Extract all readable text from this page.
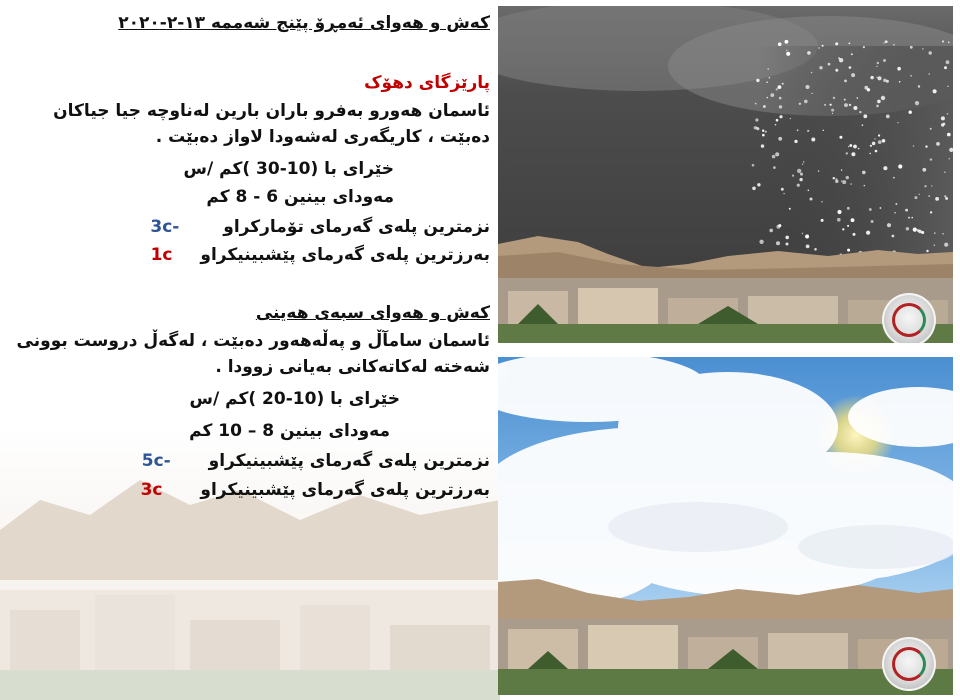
کەش و هەوای ئەمڕۆ پێنج شەممە ١٣-٢-٢٠٢٠
پارێزگای دهۆک
ئاسمان هەورو بەفرو باران بارین لەناوچە جیا جیاکان
دەبێت ، کاریگەری لەشەودا لاواز دەبێت .
خێرای با (10-30 )کم /س
مەودای بینین 6 - 8 کم
نزمترین پلەی گەرمای تۆمارکراو -3c
بەرزترین پلەی گەرمای پێشبینیکراو 1c
کەش و هەوای سبەی هەینی
ئاسمان سامآڵ و پەڵەهەور دەبێت ، لەگەڵ دروست بوونی
شەختە لەکاتەکانی بەیانی زوودا .
خێرای با (10-20 )کم /س
مەودای بینین 8 – 10 کم
نزمترین پلەی گەرمای پێشبینیکراو -5c
بەرزترین پلەی گەرمای پێشبینیکراو 3c
